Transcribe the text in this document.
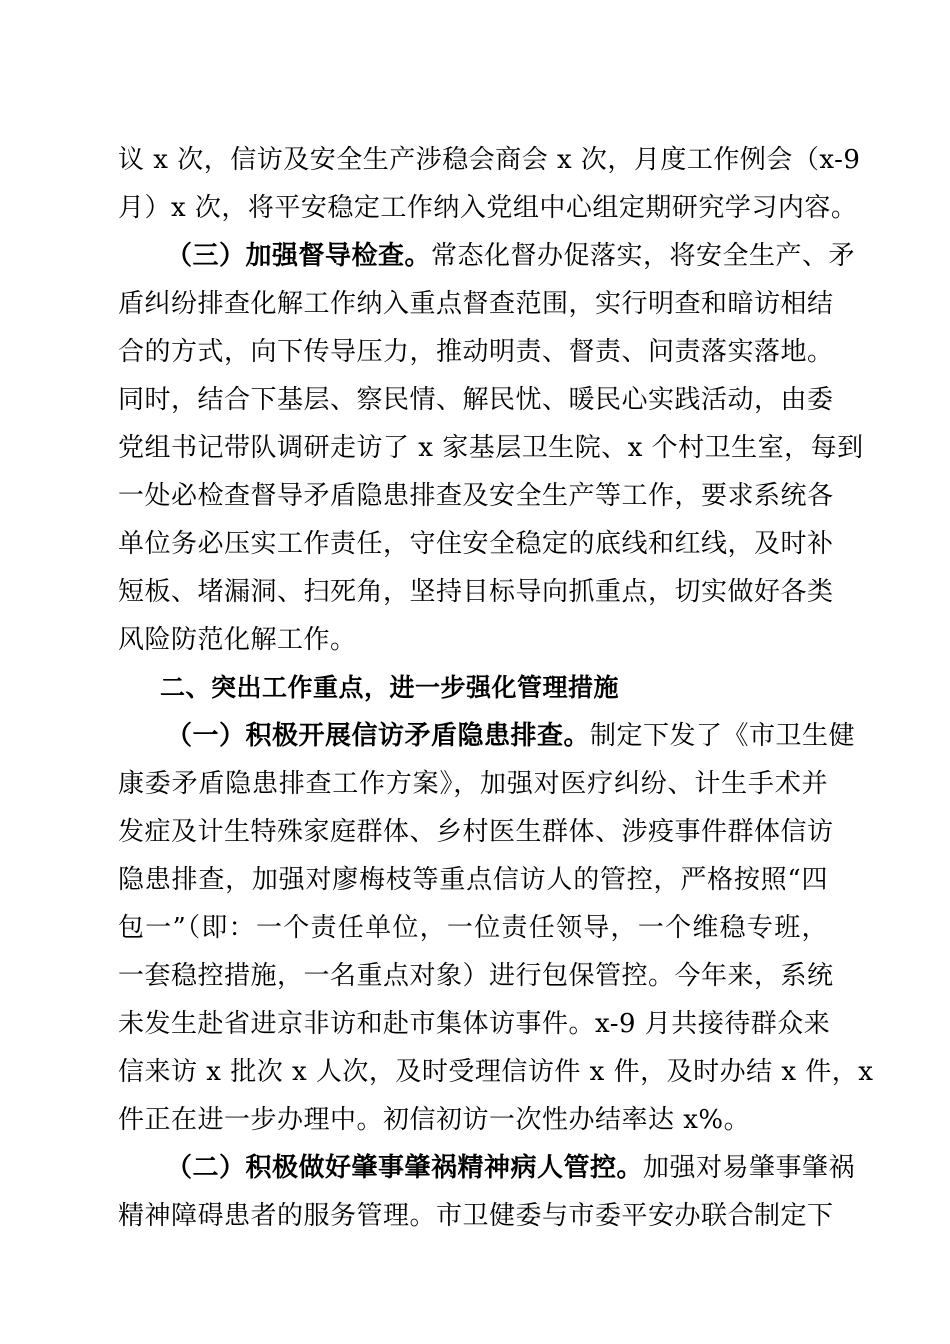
议 x 次，信访及安全生产涉稳会商会 x 次，月度工作例会（x-9
月）x 次，将平安稳定工作纳入党组中心组定期研究学习内容。
（三）加强督导检查。常态化督办促落实，将安全生产、矛
盾纠纷排查化解工作纳入重点督查范围，实行明查和暗访相结
合的方式，向下传导压力，推动明责、督责、问责落实落地。
同时，结合下基层、察民情、解民忧、暖民心实践活动，由委
党组书记带队调研走访了 x 家基层卫生院、x 个村卫生室，每到
一处必检查督导矛盾隐患排查及安全生产等工作，要求系统各
单位务必压实工作责任，守住安全稳定的底线和红线，及时补
短板、堵漏洞、扫死角，坚持目标导向抓重点，切实做好各类
风险防范化解工作。
二、突出工作重点，进一步强化管理措施
（一）积极开展信访矛盾隐患排查。制定下发了《市卫生健
康委矛盾隐患排查工作方案》，加强对医疗纠纷、计生手术并
发症及计生特殊家庭群体、乡村医生群体、涉疫事件群体信访
隐患排查，加强对廖梅枝等重点信访人的管控，严格按照“四
包一”（即：一个责任单位，一位责任领导，一个维稳专班，
一套稳控措施，一名重点对象）进行包保管控。今年来，系统
未发生赴省进京非访和赴市集体访事件。x-9 月共接待群众来
信来访 x 批次 x 人次，及时受理信访件 x 件，及时办结 x 件，x
件正在进一步办理中。初信初访一次性办结率达 x%。
（二）积极做好肇事肇祸精神病人管控。加强对易肇事肇祸
精神障碍患者的服务管理。市卫健委与市委平安办联合制定下
